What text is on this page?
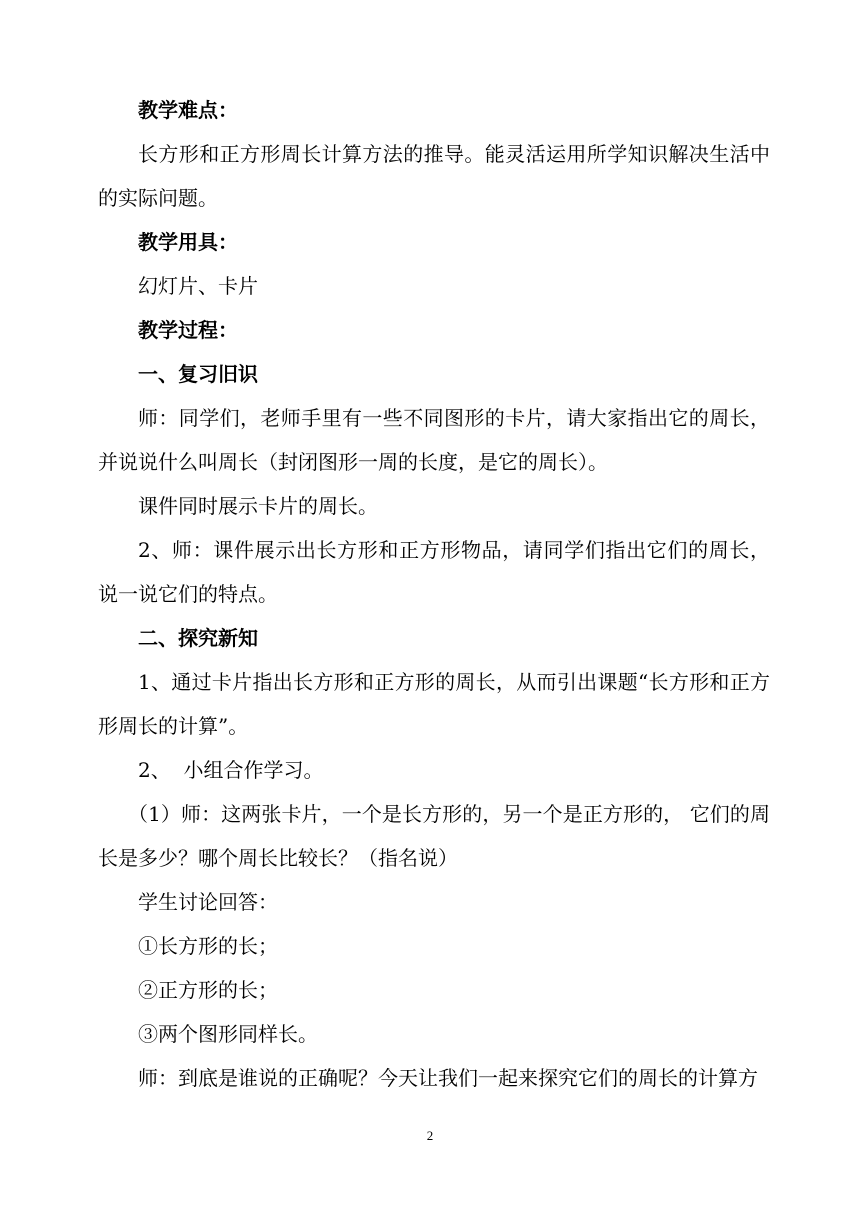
教学难点：

长方形和正方形周长计算方法的推导。能灵活运用所学知识解决生活中的实际问题。

教学用具：

幻灯片、卡片

教学过程：

一、复习旧识

师：同学们，老师手里有一些不同图形的卡片，请大家指出它的周长，并说说什么叫周长（封闭图形一周的长度，是它的周长）。

课件同时展示卡片的周长。

2、师：课件展示出长方形和正方形物品，请同学们指出它们的周长，说一说它们的特点。

二、探究新知

1、通过卡片指出长方形和正方形的周长，从而引出课题“长方形和正方形周长的计算”。

2、  小组合作学习。

（1）师：这两张卡片，一个是长方形的，另一个是正方形的， 它们的周长是多少？哪个周长比较长？（指名说）

学生讨论回答：

①长方形的长；

②正方形的长；

③两个图形同样长。

师：到底是谁说的正确呢？今天让我们一起来探究它们的周长的计算方

2
